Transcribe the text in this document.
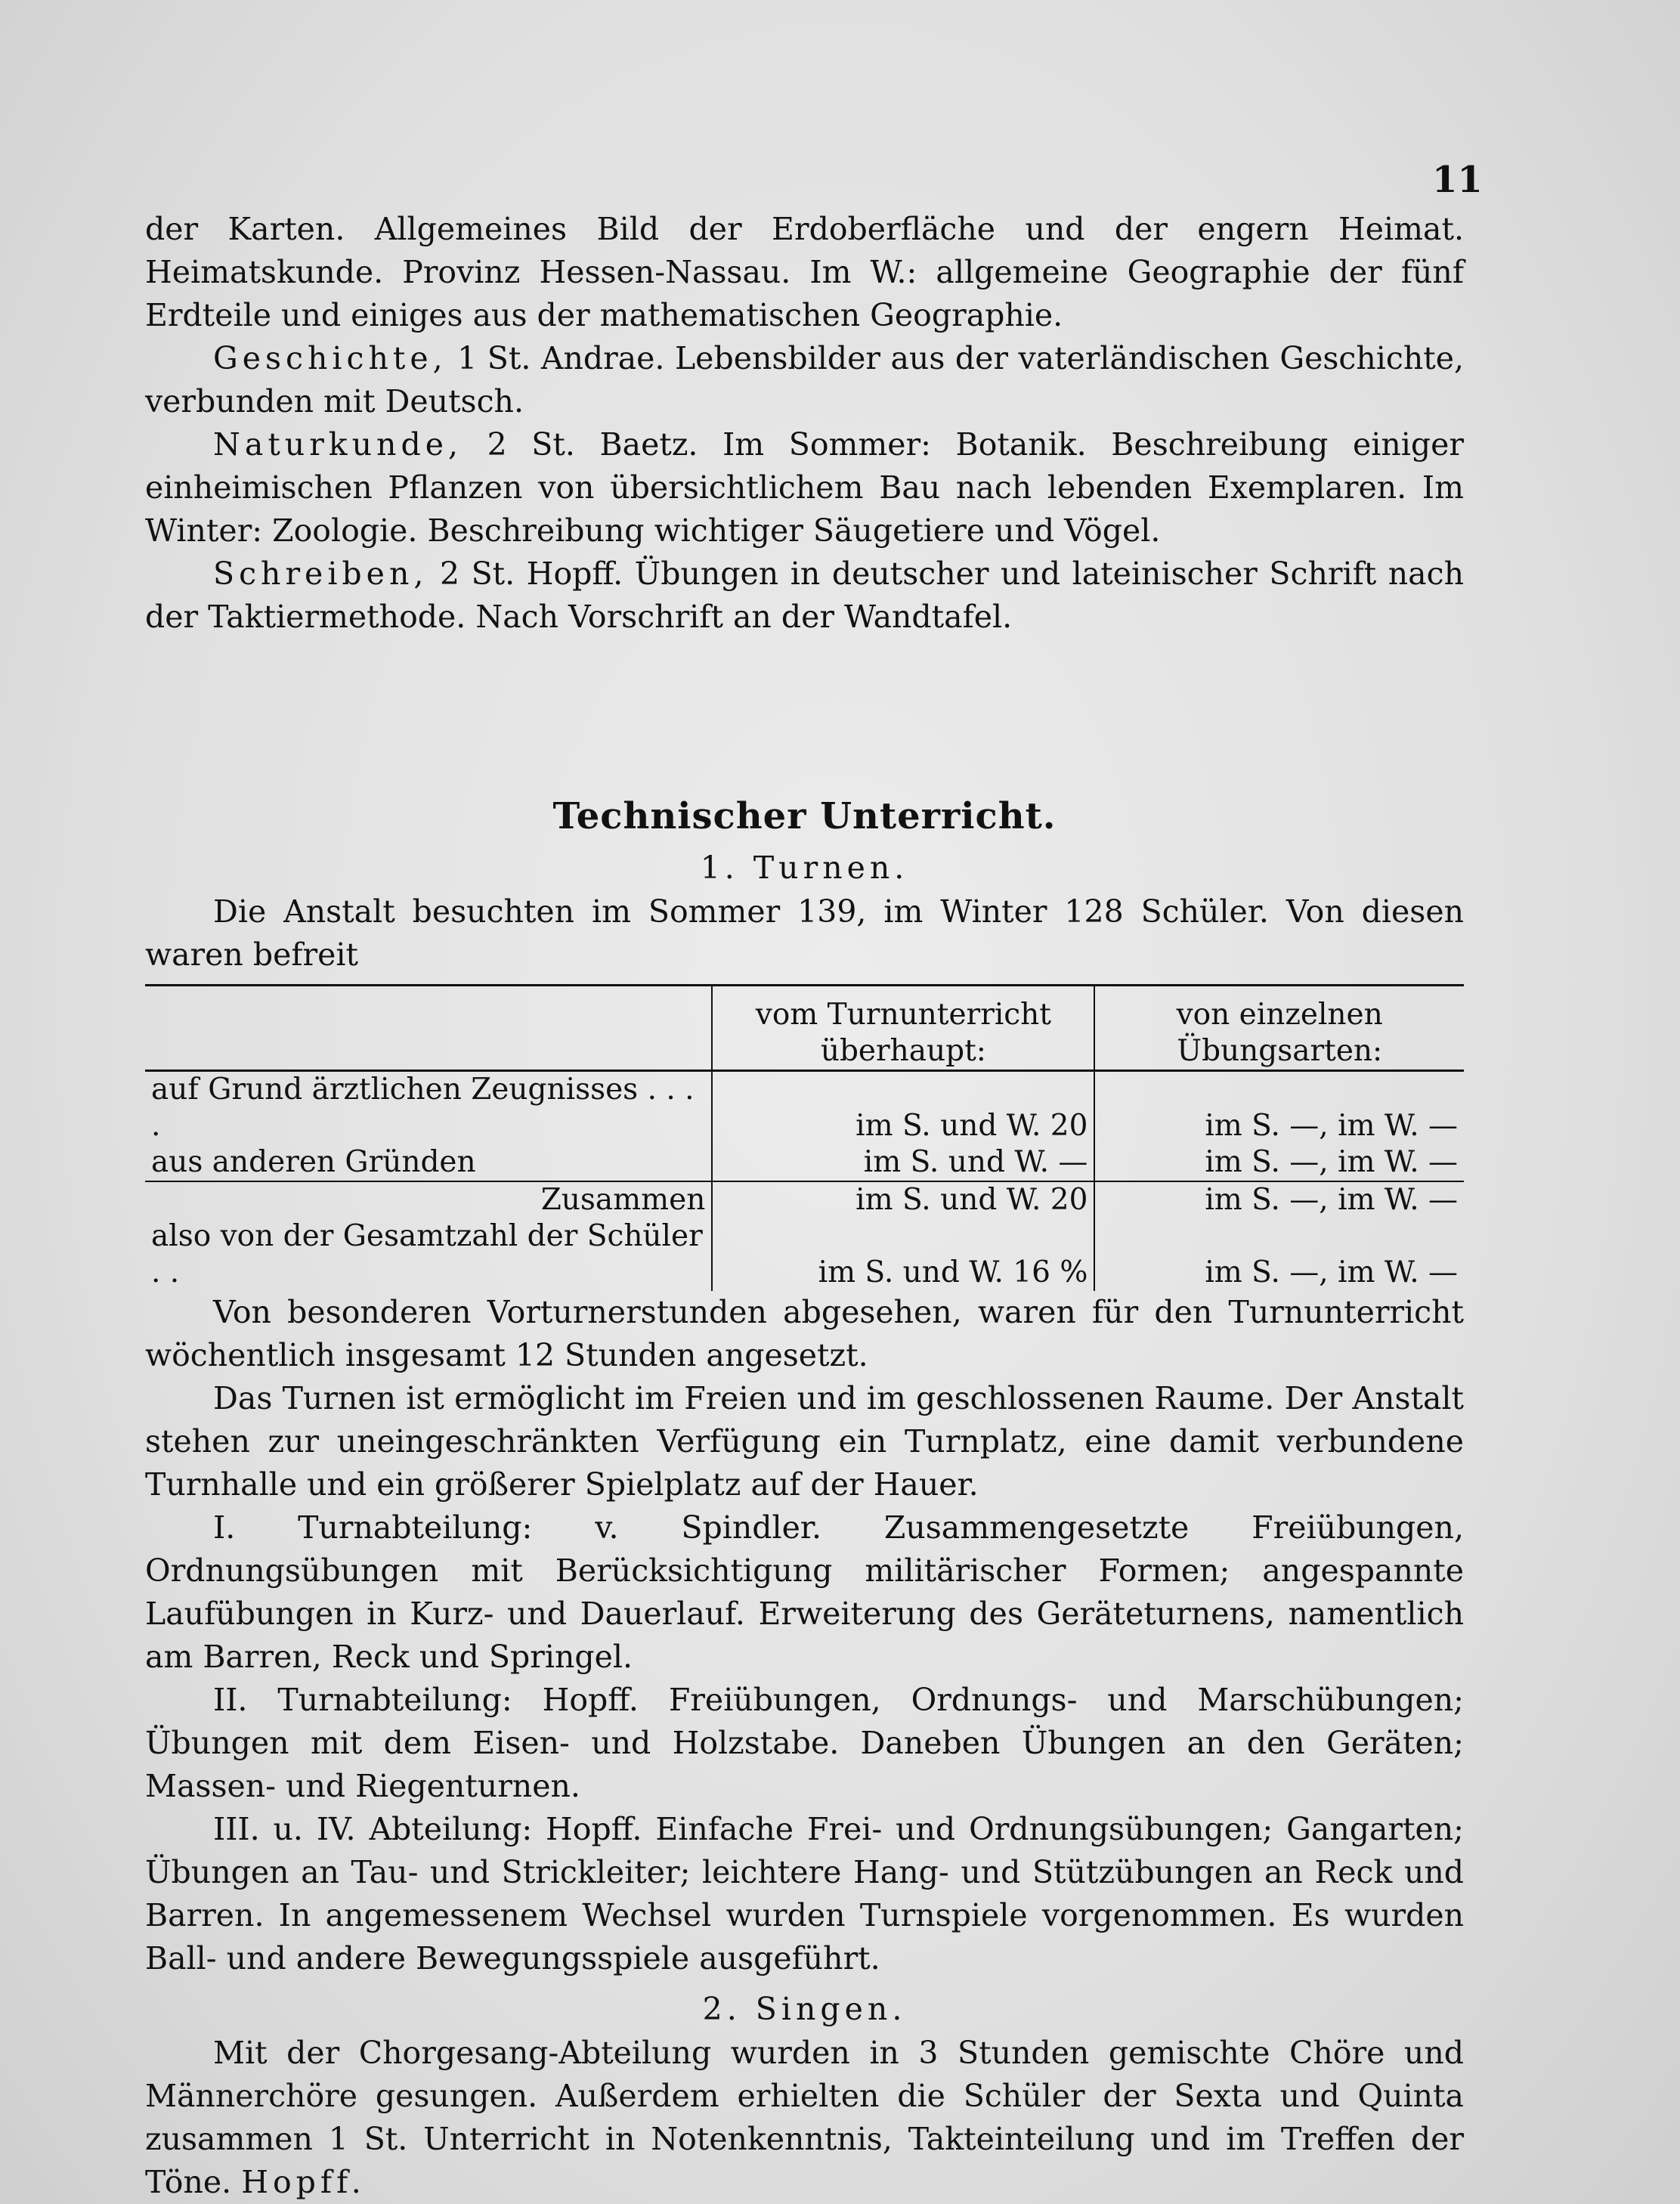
11

der Karten. Allgemeines Bild der Erdoberfläche und der engern Heimat. Heimatskunde. Provinz Hessen-Nassau. Im W.: allgemeine Geographie der fünf Erdteile und einiges aus der mathematischen Geographie.

Geschichte, 1 St. Andrae. Lebensbilder aus der vaterländischen Geschichte, verbunden mit Deutsch.

Naturkunde, 2 St. Baetz. Im Sommer: Botanik. Beschreibung einiger einheimischen Pflanzen von übersichtlichem Bau nach lebenden Exemplaren. Im Winter: Zoologie. Beschreibung wichtiger Säugetiere und Vögel.

Schreiben, 2 St. Hopff. Übungen in deutscher und lateinischer Schrift nach der Taktiermethode. Nach Vorschrift an der Wandtafel.

Technischer Unterricht.
1. Turnen.

Die Anstalt besuchten im Sommer 139, im Winter 128 Schüler. Von diesen waren befreit

	vom Turnunterricht überhaupt:	von einzelnen Übungsarten:
auf Grund ärztlichen Zeugnisses . . . .	im S. und W. 20	im S. —, im W. —
aus anderen Gründen	im S. und W. —	im S. —, im W. —
Zusammen	im S. und W. 20	im S. —, im W. —
also von der Gesamtzahl der Schüler . .	im S. und W. 16 %	im S. —, im W. —

Von besonderen Vorturnerstunden abgesehen, waren für den Turnunterricht wöchentlich insgesamt 12 Stunden angesetzt.

Das Turnen ist ermöglicht im Freien und im geschlossenen Raume. Der Anstalt stehen zur uneingeschränkten Verfügung ein Turnplatz, eine damit verbundene Turnhalle und ein größerer Spielplatz auf der Hauer.

I. Turnabteilung: v. Spindler. Zusammengesetzte Freiübungen, Ordnungsübungen mit Berücksichtigung militärischer Formen; angespannte Laufübungen in Kurz- und Dauerlauf. Erweiterung des Geräteturnens, namentlich am Barren, Reck und Springel.

II. Turnabteilung: Hopff. Freiübungen, Ordnungs- und Marschübungen; Übungen mit dem Eisen- und Holzstabe. Daneben Übungen an den Geräten; Massen- und Riegenturnen.

III. u. IV. Abteilung: Hopff. Einfache Frei- und Ordnungsübungen; Gangarten; Übungen an Tau- und Strickleiter; leichtere Hang- und Stützübungen an Reck und Barren. In angemessenem Wechsel wurden Turnspiele vorgenommen. Es wurden Ball- und andere Bewegungsspiele ausgeführt.

2. Singen.

Mit der Chorgesang-Abteilung wurden in 3 Stunden gemischte Chöre und Männerchöre gesungen. Außerdem erhielten die Schüler der Sexta und Quinta zusammen 1 St. Unterricht in Notenkenntnis, Takteinteilung und im Treffen der Töne. Hopff.
